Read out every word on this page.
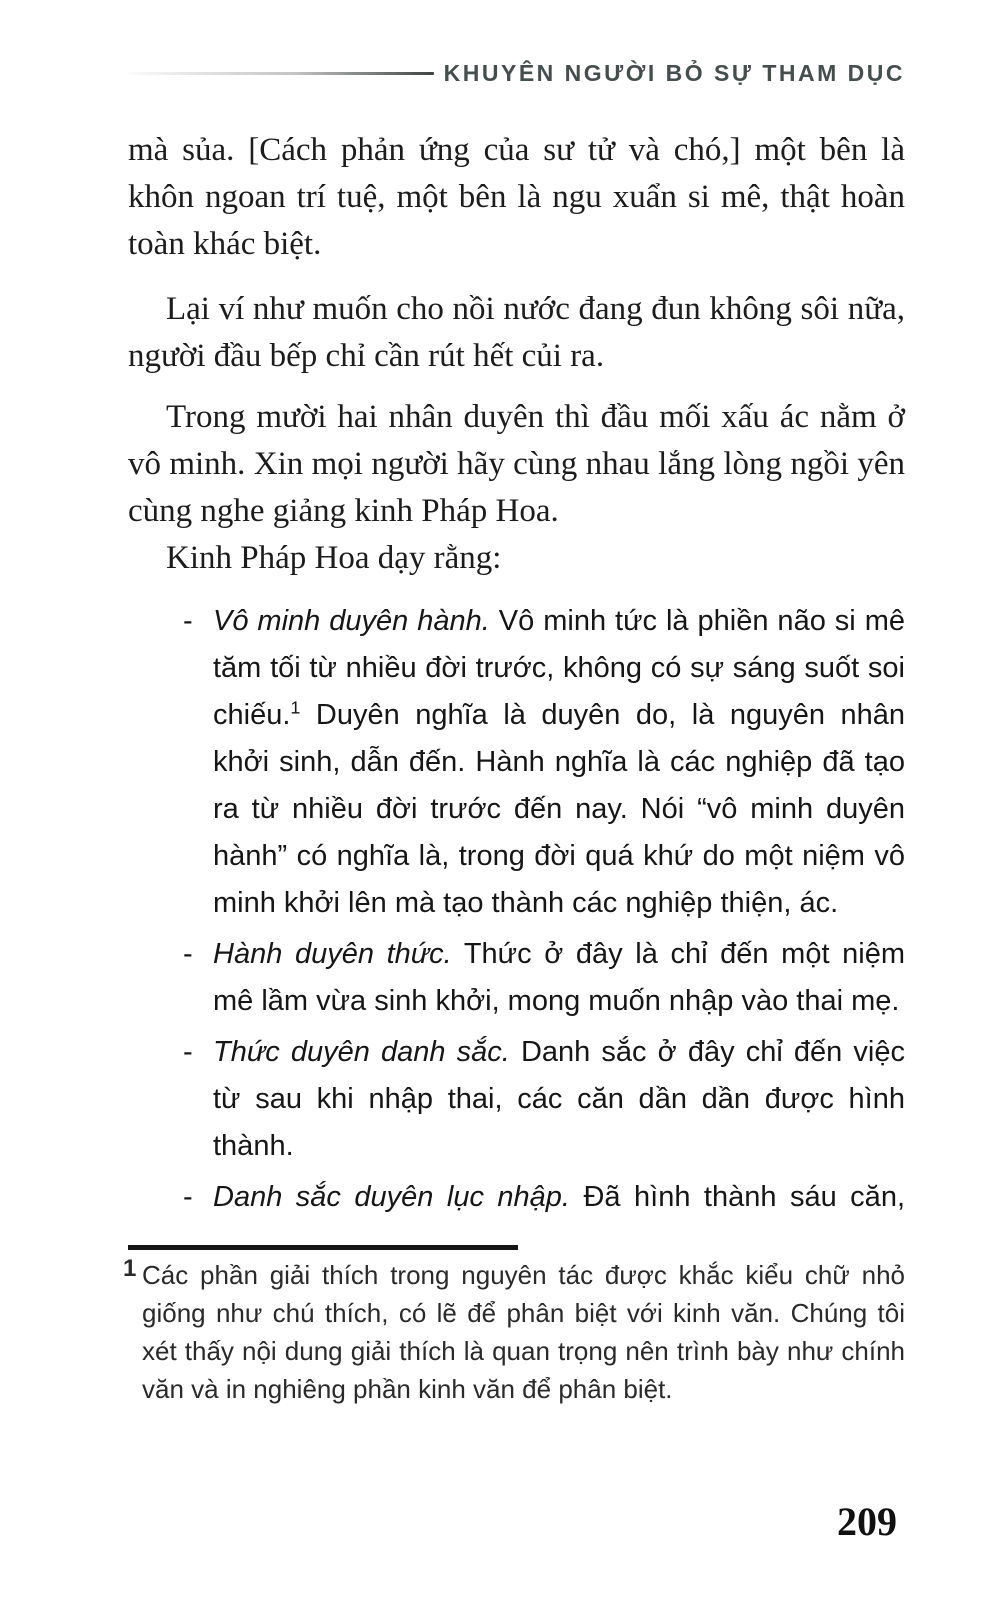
KHUYÊN NGƯỜI BỎ SỰ THAM DỤC

mà sủa. [Cách phản ứng của sư tử và chó,] một bên là khôn ngoan trí tuệ, một bên là ngu xuẩn si mê, thật hoàn toàn khác biệt.

Lại ví như muốn cho nồi nước đang đun không sôi nữa, người đầu bếp chỉ cần rút hết củi ra.

Trong mười hai nhân duyên thì đầu mối xấu ác nằm ở vô minh. Xin mọi người hãy cùng nhau lắng lòng ngồi yên cùng nghe giảng kinh Pháp Hoa.

Kinh Pháp Hoa dạy rằng:

- Vô minh duyên hành. Vô minh tức là phiền não si mê tăm tối từ nhiều đời trước, không có sự sáng suốt soi chiếu.$^1$ Duyên nghĩa là duyên do, là nguyên nhân khởi sinh, dẫn đến. Hành nghĩa là các nghiệp đã tạo ra từ nhiều đời trước đến nay. Nói “vô minh duyên hành” có nghĩa là, trong đời quá khứ do một niệm vô minh khởi lên mà tạo thành các nghiệp thiện, ác.
- Hành duyên thức. Thức ở đây là chỉ đến một niệm mê lầm vừa sinh khởi, mong muốn nhập vào thai mẹ.
- Thức duyên danh sắc. Danh sắc ở đây chỉ đến việc từ sau khi nhập thai, các căn dần dần được hình thành.
- Danh sắc duyên lục nhập. Đã hình thành sáu căn,
1 Các phần giải thích trong nguyên tác được khắc kiểu chữ nhỏ giống như chú thích, có lẽ để phân biệt với kinh văn. Chúng tôi xét thấy nội dung giải thích là quan trọng nên trình bày như chính văn và in nghiêng phần kinh văn để phân biệt.
209
